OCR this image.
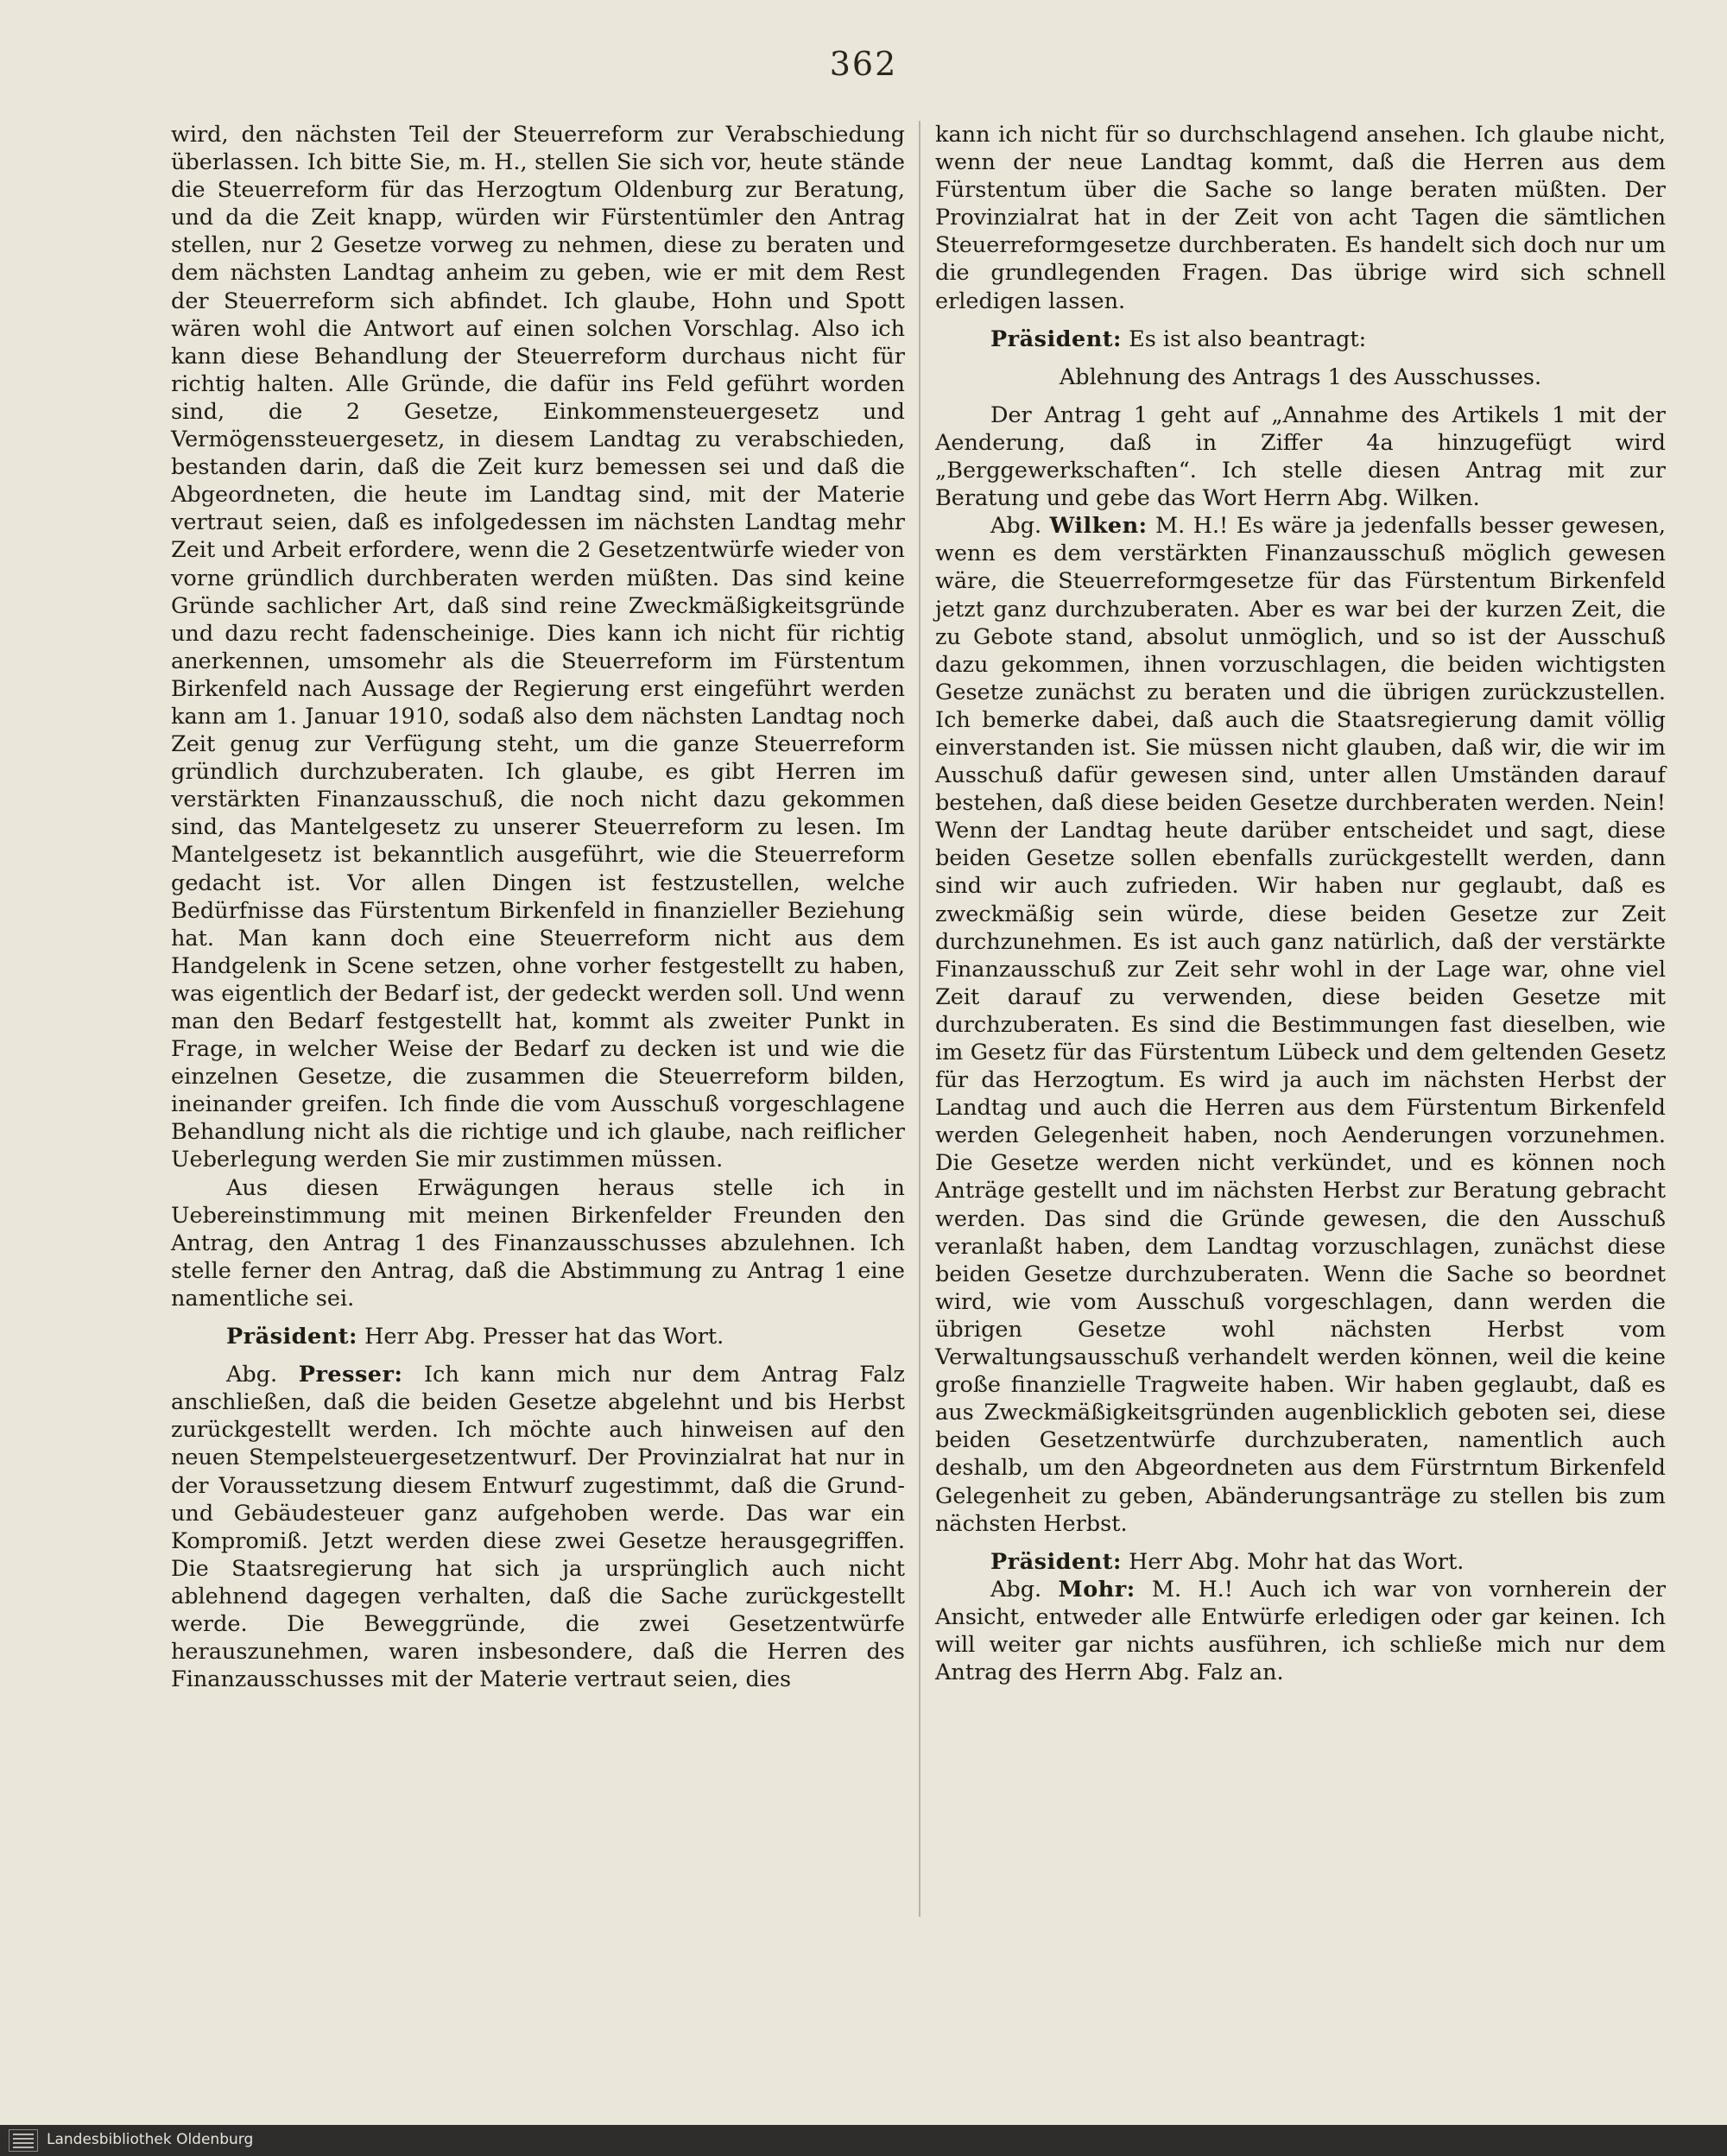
362

wird, den nächsten Teil der Steuerreform zur Verabschiedung überlassen. Ich bitte Sie, m. H., stellen Sie sich vor, heute stände die Steuerreform für das Herzogtum Oldenburg zur Beratung, und da die Zeit knapp, würden wir Fürstentümler den Antrag stellen, nur 2 Gesetze vorweg zu nehmen, diese zu beraten und dem nächsten Landtag anheim zu geben, wie er mit dem Rest der Steuerreform sich abfindet. Ich glaube, Hohn und Spott wären wohl die Antwort auf einen solchen Vorschlag. Also ich kann diese Behandlung der Steuerreform durchaus nicht für richtig halten. Alle Gründe, die dafür ins Feld geführt worden sind, die 2 Gesetze, Einkommensteuergesetz und Vermögenssteuergesetz, in diesem Landtag zu verabschieden, bestanden darin, daß die Zeit kurz bemessen sei und daß die Abgeordneten, die heute im Landtag sind, mit der Materie vertraut seien, daß es infolgedessen im nächsten Landtag mehr Zeit und Arbeit erfordere, wenn die 2 Gesetzentwürfe wieder von vorne gründlich durchberaten werden müßten. Das sind keine Gründe sachlicher Art, daß sind reine Zweckmäßigkeitsgründe und dazu recht fadenscheinige. Dies kann ich nicht für richtig anerkennen, umsomehr als die Steuerreform im Fürstentum Birkenfeld nach Aussage der Regierung erst eingeführt werden kann am 1. Januar 1910, sodaß also dem nächsten Landtag noch Zeit genug zur Verfügung steht, um die ganze Steuerreform gründlich durchzuberaten. Ich glaube, es gibt Herren im verstärkten Finanzausschuß, die noch nicht dazu gekommen sind, das Mantelgesetz zu unserer Steuerreform zu lesen. Im Mantelgesetz ist bekanntlich ausgeführt, wie die Steuerreform gedacht ist. Vor allen Dingen ist festzustellen, welche Bedürfnisse das Fürstentum Birkenfeld in finanzieller Beziehung hat. Man kann doch eine Steuerreform nicht aus dem Handgelenk in Scene setzen, ohne vorher festgestellt zu haben, was eigentlich der Bedarf ist, der gedeckt werden soll. Und wenn man den Bedarf festgestellt hat, kommt als zweiter Punkt in Frage, in welcher Weise der Bedarf zu decken ist und wie die einzelnen Gesetze, die zusammen die Steuerreform bilden, ineinander greifen. Ich finde die vom Ausschuß vorgeschlagene Behandlung nicht als die richtige und ich glaube, nach reiflicher Ueberlegung werden Sie mir zustimmen müssen.

Aus diesen Erwägungen heraus stelle ich in Uebereinstimmung mit meinen Birkenfelder Freunden den Antrag, den Antrag 1 des Finanzausschusses abzulehnen. Ich stelle ferner den Antrag, daß die Abstimmung zu Antrag 1 eine namentliche sei.

Präsident: Herr Abg. Presser hat das Wort.

Abg. Presser: Ich kann mich nur dem Antrag Falz anschließen, daß die beiden Gesetze abgelehnt und bis Herbst zurückgestellt werden. Ich möchte auch hinweisen auf den neuen Stempelsteuergesetzentwurf. Der Provinzialrat hat nur in der Voraussetzung diesem Entwurf zugestimmt, daß die Grund- und Gebäudesteuer ganz aufgehoben werde. Das war ein Kompromiß. Jetzt werden diese zwei Gesetze herausgegriffen. Die Staatsregierung hat sich ja ursprünglich auch nicht ablehnend dagegen verhalten, daß die Sache zurückgestellt werde. Die Beweggründe, die zwei Gesetzentwürfe herauszunehmen, waren insbesondere, daß die Herren des Finanzausschusses mit der Materie vertraut seien, dies

kann ich nicht für so durchschlagend ansehen. Ich glaube nicht, wenn der neue Landtag kommt, daß die Herren aus dem Fürstentum über die Sache so lange beraten müßten. Der Provinzialrat hat in der Zeit von acht Tagen die sämtlichen Steuerreformgesetze durchberaten. Es handelt sich doch nur um die grundlegenden Fragen. Das übrige wird sich schnell erledigen lassen.

Präsident: Es ist also beantragt:

Ablehnung des Antrags 1 des Ausschusses.

Der Antrag 1 geht auf „Annahme des Artikels 1 mit der Aenderung, daß in Ziffer 4a hinzugefügt wird „Berggewerkschaften“. Ich stelle diesen Antrag mit zur Beratung und gebe das Wort Herrn Abg. Wilken.

Abg. Wilken: M. H.! Es wäre ja jedenfalls besser gewesen, wenn es dem verstärkten Finanzausschuß möglich gewesen wäre, die Steuerreformgesetze für das Fürstentum Birkenfeld jetzt ganz durchzuberaten. Aber es war bei der kurzen Zeit, die zu Gebote stand, absolut unmöglich, und so ist der Ausschuß dazu gekommen, ihnen vorzuschlagen, die beiden wichtigsten Gesetze zunächst zu beraten und die übrigen zurückzustellen. Ich bemerke dabei, daß auch die Staatsregierung damit völlig einverstanden ist. Sie müssen nicht glauben, daß wir, die wir im Ausschuß dafür gewesen sind, unter allen Umständen darauf bestehen, daß diese beiden Gesetze durchberaten werden. Nein! Wenn der Landtag heute darüber entscheidet und sagt, diese beiden Gesetze sollen ebenfalls zurückgestellt werden, dann sind wir auch zufrieden. Wir haben nur geglaubt, daß es zweckmäßig sein würde, diese beiden Gesetze zur Zeit durchzunehmen. Es ist auch ganz natürlich, daß der verstärkte Finanzausschuß zur Zeit sehr wohl in der Lage war, ohne viel Zeit darauf zu verwenden, diese beiden Gesetze mit durchzuberaten. Es sind die Bestimmungen fast dieselben, wie im Gesetz für das Fürstentum Lübeck und dem geltenden Gesetz für das Herzogtum. Es wird ja auch im nächsten Herbst der Landtag und auch die Herren aus dem Fürstentum Birkenfeld werden Gelegenheit haben, noch Aenderungen vorzunehmen. Die Gesetze werden nicht verkündet, und es können noch Anträge gestellt und im nächsten Herbst zur Beratung gebracht werden. Das sind die Gründe gewesen, die den Ausschuß veranlaßt haben, dem Landtag vorzuschlagen, zunächst diese beiden Gesetze durchzuberaten. Wenn die Sache so beordnet wird, wie vom Ausschuß vorgeschlagen, dann werden die übrigen Gesetze wohl nächsten Herbst vom Verwaltungsausschuß verhandelt werden können, weil die keine große finanzielle Tragweite haben. Wir haben geglaubt, daß es aus Zweckmäßigkeitsgründen augenblicklich geboten sei, diese beiden Gesetzentwürfe durchzuberaten, namentlich auch deshalb, um den Abgeordneten aus dem Fürstrntum Birkenfeld Gelegenheit zu geben, Abänderungsanträge zu stellen bis zum nächsten Herbst.

Präsident: Herr Abg. Mohr hat das Wort.

Abg. Mohr: M. H.! Auch ich war von vornherein der Ansicht, entweder alle Entwürfe erledigen oder gar keinen. Ich will weiter gar nichts ausführen, ich schließe mich nur dem Antrag des Herrn Abg. Falz an.

Landesbibliothek Oldenburg
